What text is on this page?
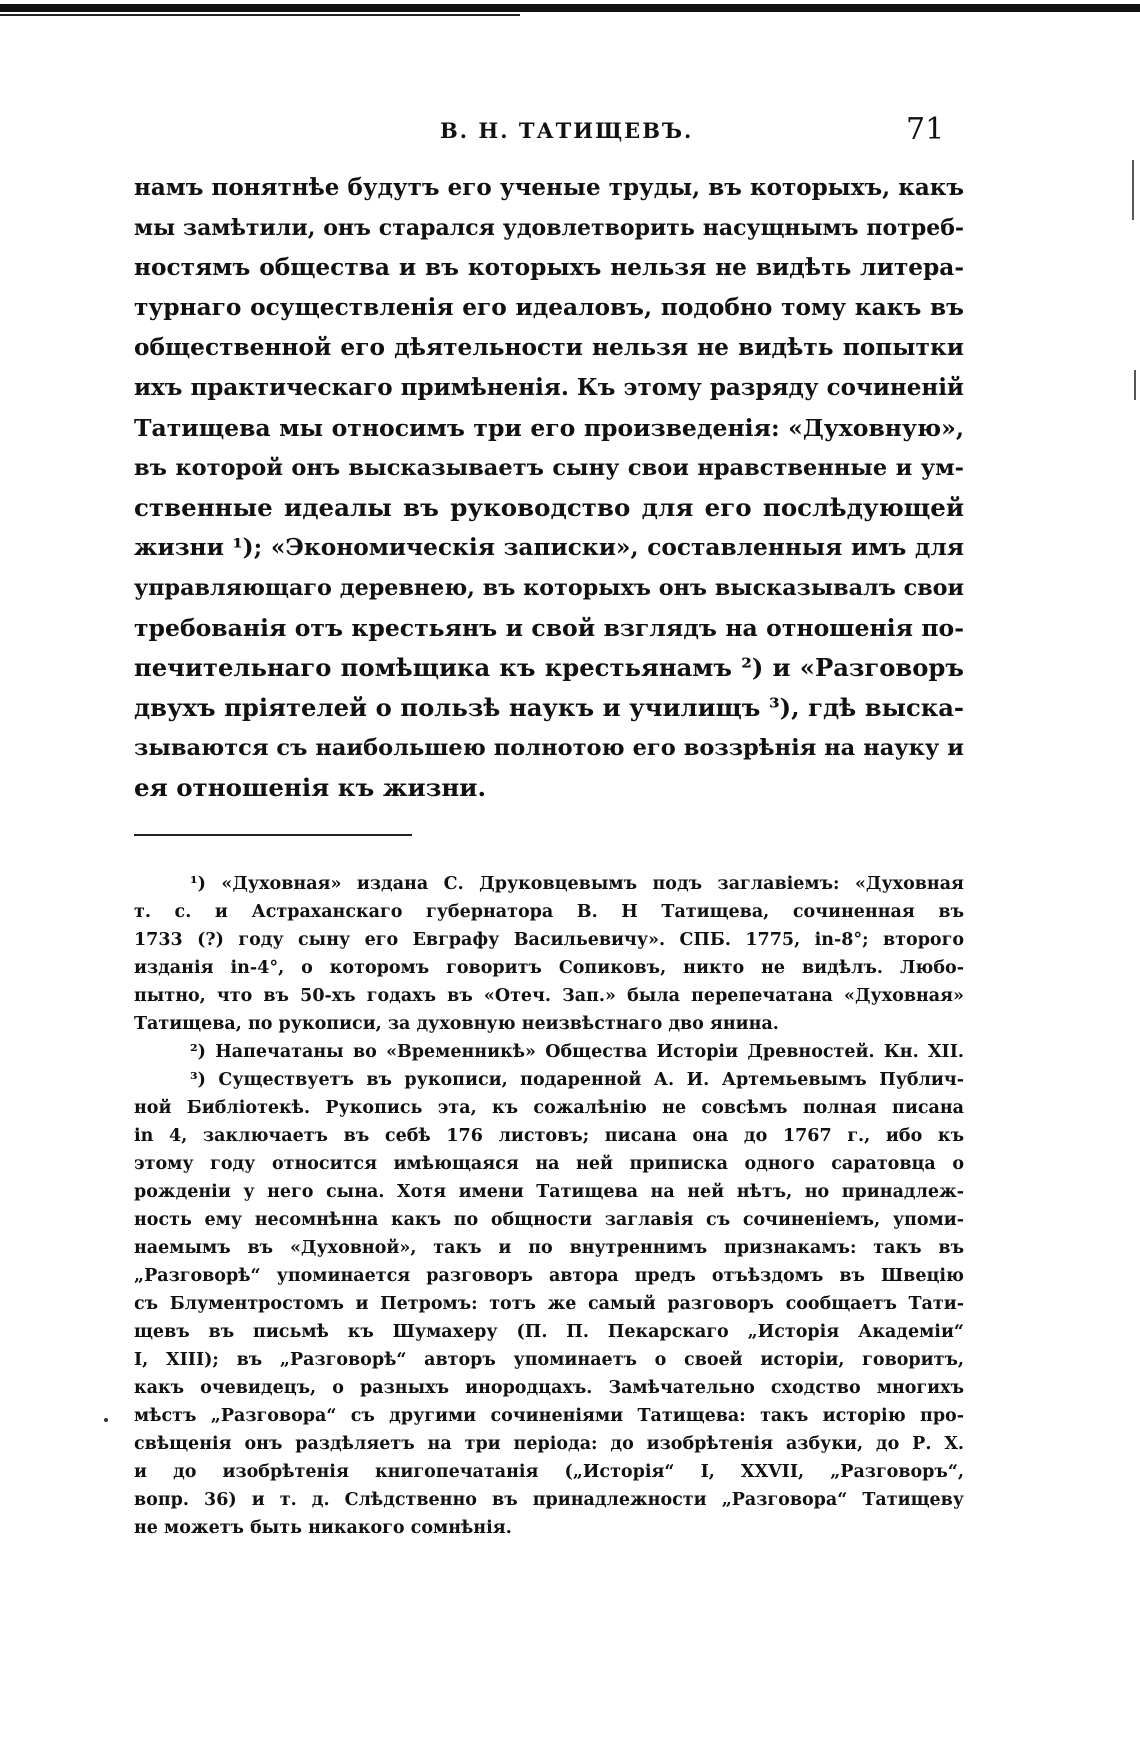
В. Н. ТАТИЩЕВЪ.	71
намъ понятнѣе будутъ его ученые труды, въ которыхъ, какъ
мы замѣтили, онъ старался удовлетворить насущнымъ потреб-
ностямъ общества и въ которыхъ нельзя не видѣть литера-
турнаго осуществленія его идеаловъ, подобно тому какъ въ
общественной его дѣятельности нельзя не видѣть попытки
ихъ практическаго примѣненія. Къ этому разряду сочиненій
Татищева мы относимъ три его произведенія: «Духовную»,
въ которой онъ высказываетъ сыну свои нравственные и ум-
ственные идеалы въ руководство для его послѣдующей
жизни ¹); «Экономическія записки», составленныя имъ для
управляющаго деревнею, въ которыхъ онъ высказывалъ свои
требованія отъ крестьянъ и свой взглядъ на отношенія по-
печительнаго помѣщика къ крестьянамъ ²) и «Разговоръ
двухъ пріятелей о пользѣ наукъ и училищъ ³), гдѣ выска-
зываются съ наибольшею полнотою его воззрѣнія на науку и
ея отношенія къ жизни.
¹) «Духовная» издана С. Друковцевымъ подъ заглавіемъ: «Духовная
т. с. и Астраханскаго губернатора В. Н Татищева, сочиненная въ
1733 (?) году сыну его Евграфу Васильевичу». СПБ. 1775, in-8°; второго
изданія in-4°, о которомъ говоритъ Сопиковъ, никто не видѣлъ. Любо-
пытно, что въ 50-хъ годахъ въ «Отеч. Зап.» была перепечатана «Духовная»
Татищева, по рукописи, за духовную неизвѣстнаго дво янина.
²) Напечатаны во «Временникѣ» Общества Исторіи Древностей. Кн. XII.
³) Существуетъ въ рукописи, подаренной А. И. Артемьевымъ Публич-
ной Библіотекѣ. Рукопись эта, къ сожалѣнію не совсѣмъ полная писана
in 4, заключаетъ въ себѣ 176 листовъ; писана она до 1767 г., ибо къ
этому году относится имѣющаяся на ней приписка одного саратовца о
рожденіи у него сына. Хотя имени Татищева на ней нѣтъ, но принадлеж-
ность ему несомнѣнна какъ по общности заглавія съ сочиненіемъ, упоми-
наемымъ въ «Духовной», такъ и по внутреннимъ признакамъ: такъ въ
„Разговорѣ“ упоминается разговоръ автора предъ отъѣздомъ въ Швецію
съ Блументростомъ и Петромъ: тотъ же самый разговоръ сообщаетъ Тати-
щевъ въ письмѣ къ Шумахеру (П. П. Пекарскаго „Исторія Академіи“
I, XIII); въ „Разговорѣ“ авторъ упоминаетъ о своей исторіи, говоритъ,
какъ очевидецъ, о разныхъ инородцахъ. Замѣчательно сходство многихъ
мѣстъ „Разговора“ съ другими сочиненіями Татищева: такъ исторію про-
свѣщенія онъ раздѣляетъ на три періода: до изобрѣтенія азбуки, до Р. Х.
и до изобрѣтенія книгопечатанія („Исторія“ I, XXVII, „Разговоръ“,
вопр. 36) и т. д. Слѣдственно въ принадлежности „Разговора“ Татищеву
не можетъ быть никакого сомнѣнія.
